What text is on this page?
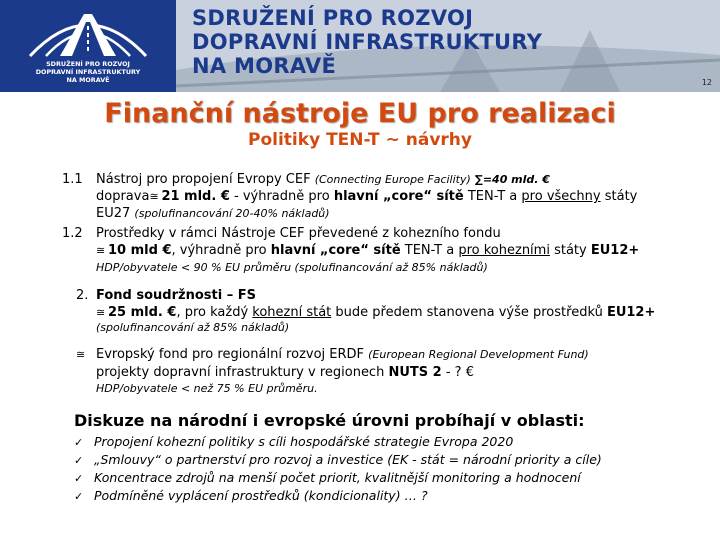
SDRUŽENÍ PRO ROZVOJ
DOPRAVNÍ INFRASTRUKTURY
NA MORAVĚ
SDRUŽENÍ PRO ROZVOJ
DOPRAVNÍ INFRASTRUKTURY
NA MORAVĚ
12
Finanční nástroje EU pro realizaci
Politiky TEN-T ~ návrhy
1.1 Nástroj pro propojení Evropy CEF (Connecting Europe Facility) ∑=40 mld. €
doprava≅ 21 mld. € - výhradně pro hlavní „core“ sítě TEN-T a pro všechny státy
EU27 (spolufinancování 20-40% nákladů)
1.2 Prostředky v rámci Nástroje CEF převedené z kohezního fondu
≅ 10 mld €, výhradně pro hlavní „core“ sítě TEN-T a pro kohezními státy EU12+
HDP/obyvatele < 90 % EU průměru (spolufinancování až 85% nákladů)
2. Fond soudržnosti – FS
≅ 25 mld. €, pro každý kohezní stát bude předem stanovena výše prostředků EU12+
(spolufinancování až 85% nákladů)
≅ Evropský fond pro regionální rozvoj ERDF (European Regional Development Fund)
projekty dopravní infrastruktury v regionech NUTS 2 - ? €
HDP/obyvatele < než 75 % EU průměru.
Diskuze na národní i evropské úrovni probíhají v oblasti:
✓ Propojení kohezní politiky s cíli hospodářské strategie Evropa 2020
✓ „Smlouvy“ o partnerství pro rozvoj a investice (EK - stát = národní priority a cíle)
✓ Koncentrace zdrojů na menší počet priorit, kvalitnější monitoring a hodnocení
✓ Podmíněné vyplácení prostředků (kondicionality) … ?
